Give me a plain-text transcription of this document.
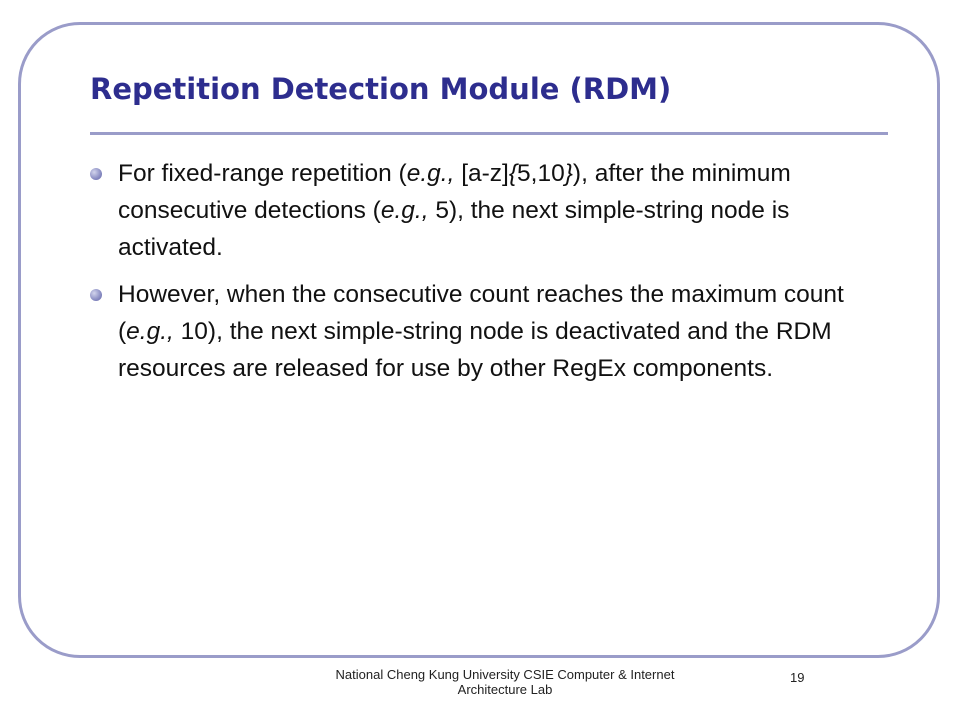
Repetition Detection Module (RDM)
For fixed-range repetition (e.g., [a-z]{5,10}), after the minimum consecutive detections (e.g., 5), the next simple-string node is activated.
However, when the consecutive count reaches the maximum count (e.g., 10), the next simple-string node is deactivated and the RDM resources are released for use by other RegEx components.
National Cheng Kung University CSIE Computer & Internet Architecture Lab
19
